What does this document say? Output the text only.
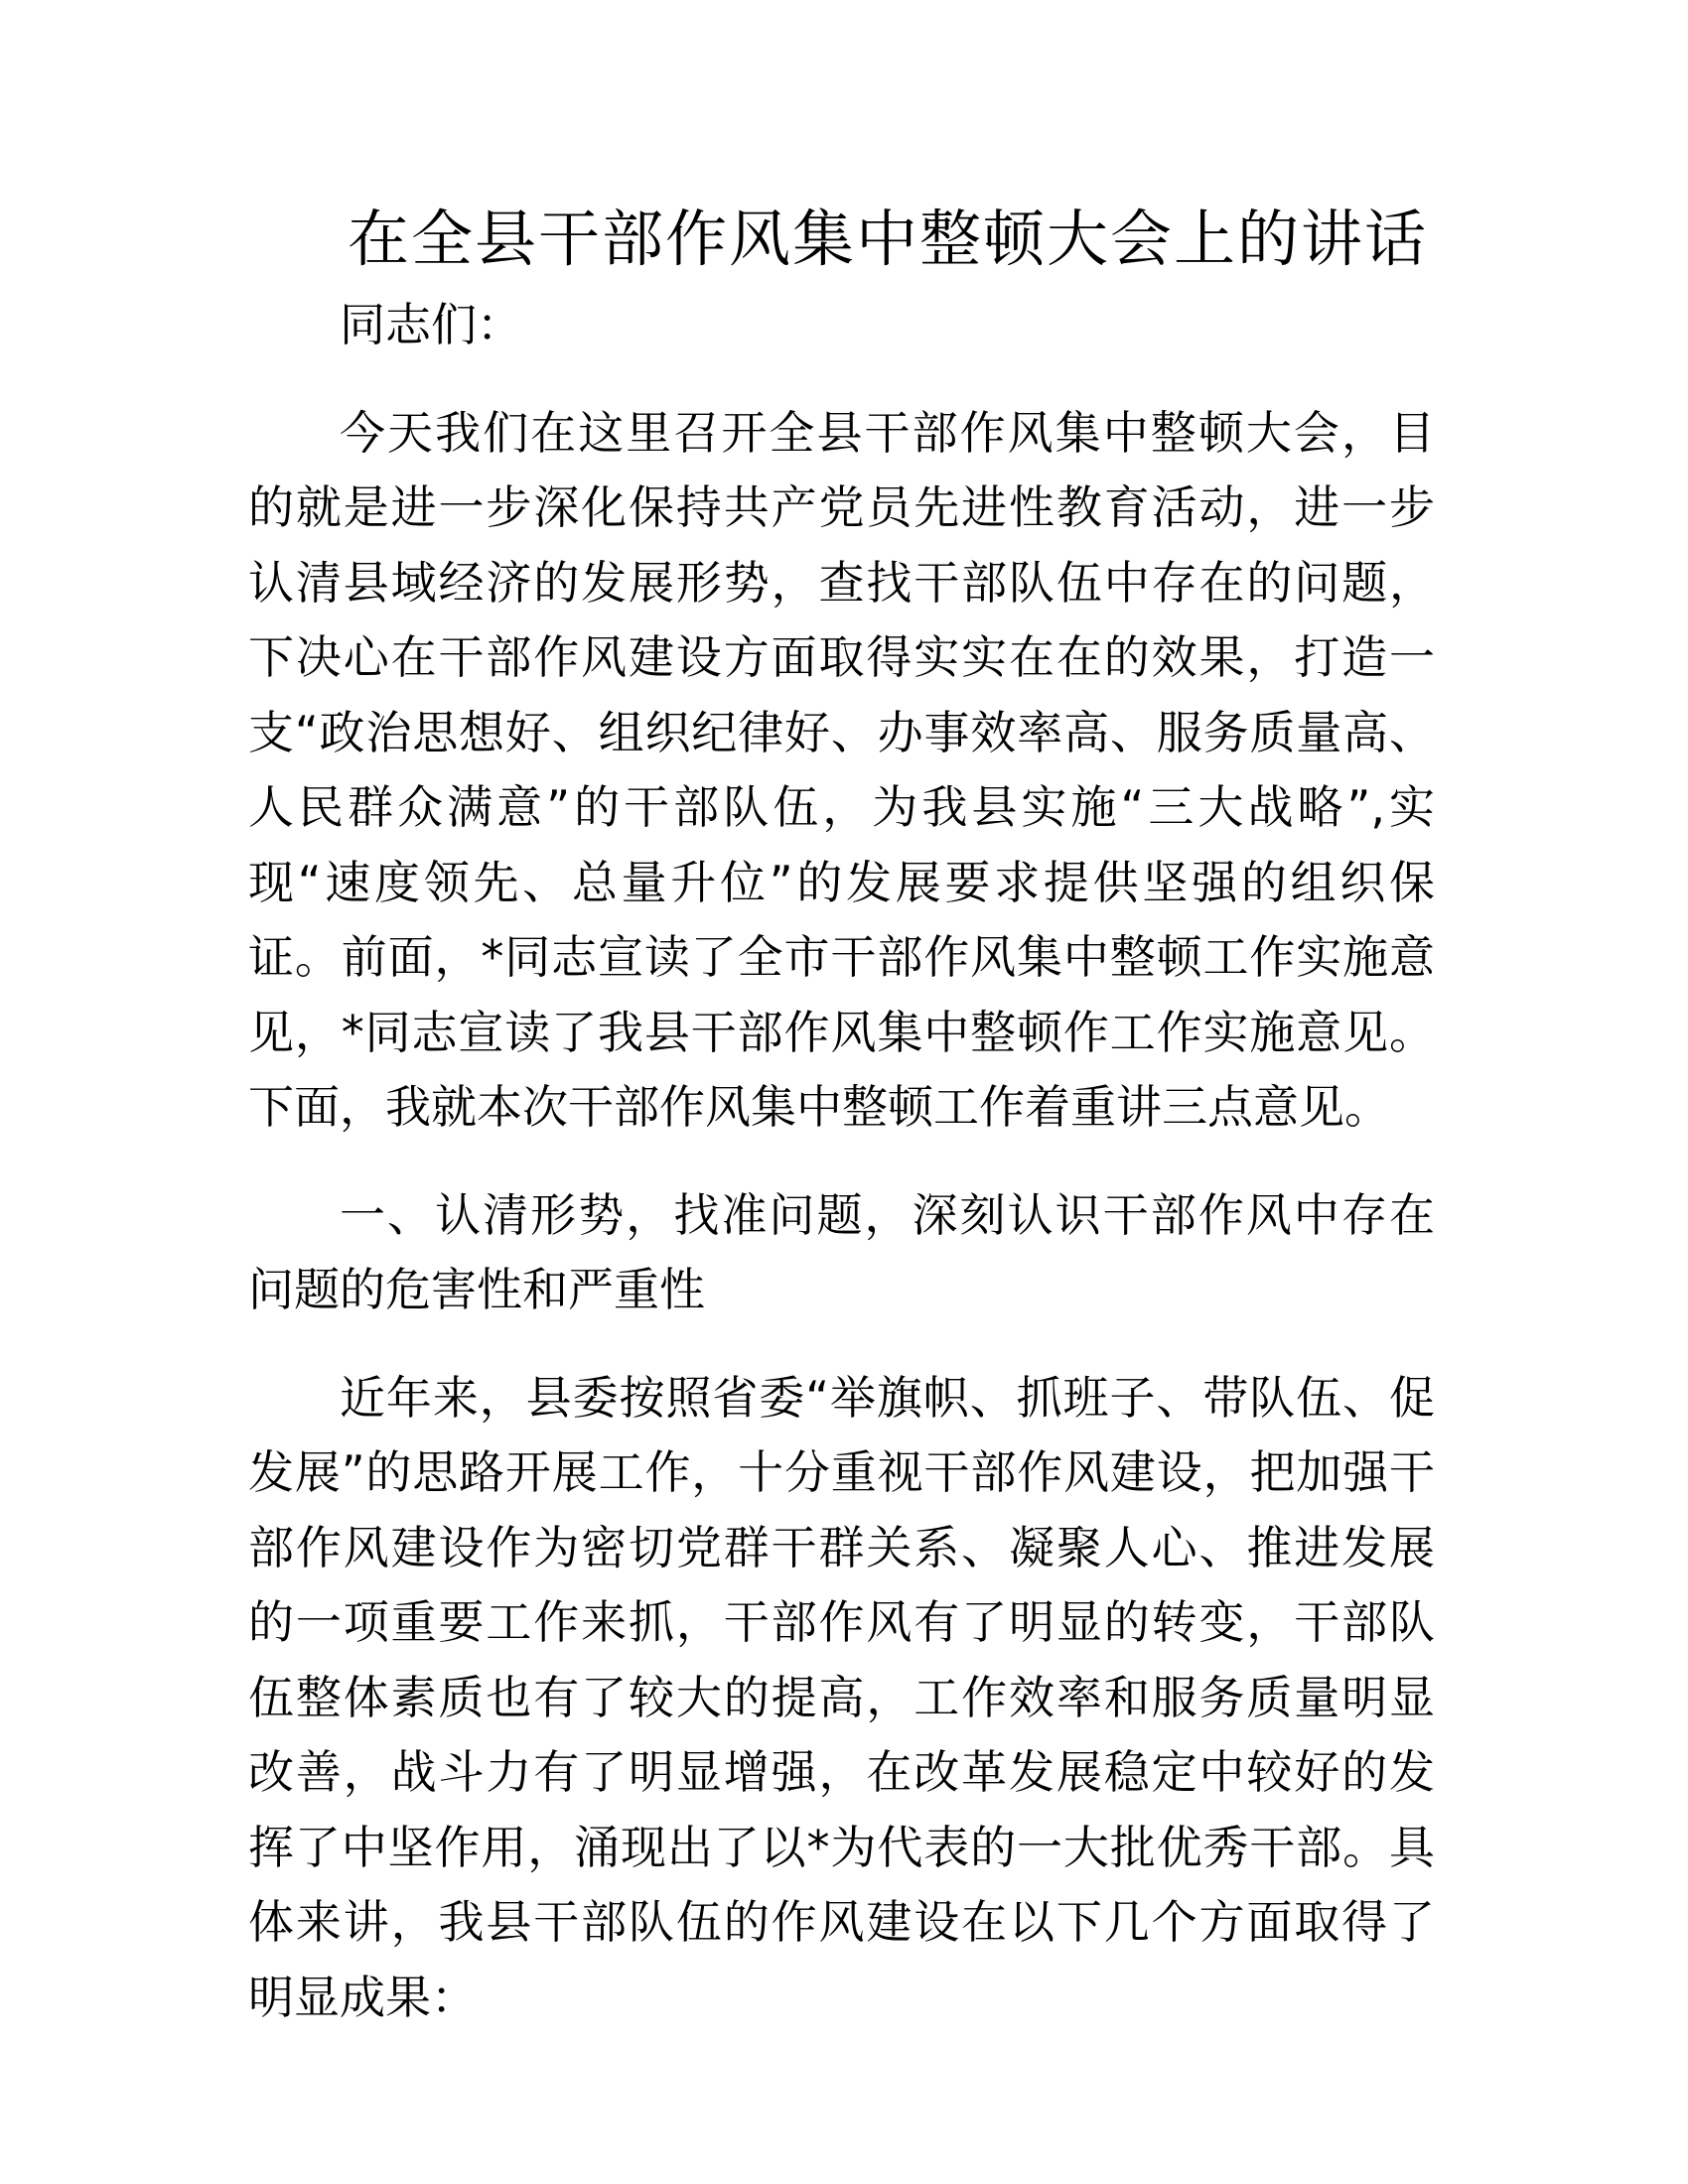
在全县干部作风集中整顿大会上的讲话

同志们：

今天我们在这里召开全县干部作风集中整顿大会，目的就是进一步深化保持共产党员先进性教育活动，进一步认清县域经济的发展形势，查找干部队伍中存在的问题，下决心在干部作风建设方面取得实实在在的效果，打造一支“政治思想好、组织纪律好、办事效率高、服务质量高、人民群众满意”的干部队伍，为我县实施“三大战略”,实现“速度领先、总量升位”的发展要求提供坚强的组织保证。前面，*同志宣读了全市干部作风集中整顿工作实施意见，*同志宣读了我县干部作风集中整顿作工作实施意见。下面，我就本次干部作风集中整顿工作着重讲三点意见。

一、认清形势，找准问题，深刻认识干部作风中存在问题的危害性和严重性

近年来，县委按照省委“举旗帜、抓班子、带队伍、促发展”的思路开展工作，十分重视干部作风建设，把加强干部作风建设作为密切党群干群关系、凝聚人心、推进发展的一项重要工作来抓，干部作风有了明显的转变，干部队伍整体素质也有了较大的提高，工作效率和服务质量明显改善，战斗力有了明显增强，在改革发展稳定中较好的发挥了中坚作用，涌现出了以*为代表的一大批优秀干部。具体来讲，我县干部队伍的作风建设在以下几个方面取得了明显成果：
